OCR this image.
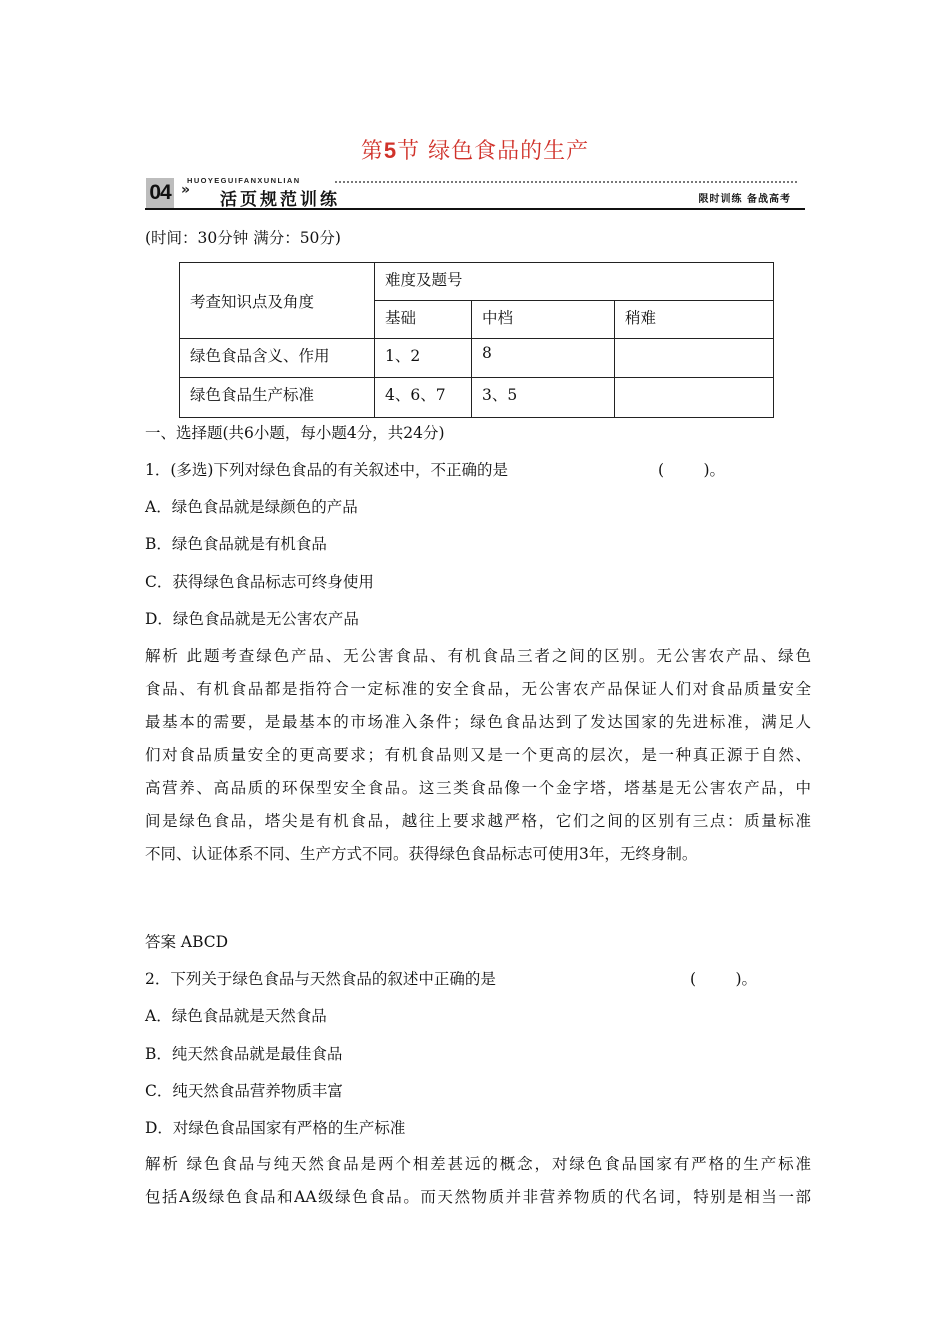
第5节 绿色食品的生产
04
HUOYEGUIFANXUNLIAN
» 活页规范训练	限时训练 备战高考
(时间：30分钟 满分：50分)
考查知识点及角度	难度及题号		
	基础	中档	稍难
绿色食品含义、作用	1、2	8	
绿色食品生产标准	4、6、7	3、5	
一、选择题(共6小题，每小题4分，共24分)
1．(多选)下列对绿色食品的有关叙述中，不正确的是	(        )。
A．绿色食品就是绿颜色的产品
B．绿色食品就是有机食品
C．获得绿色食品标志可终身使用
D．绿色食品就是无公害农产品
解析 此题考查绿色产品、无公害食品、有机食品三者之间的区别。无公害农产品、绿色
食品、有机食品都是指符合一定标准的安全食品，无公害农产品保证人们对食品质量安全
最基本的需要，是最基本的市场准入条件；绿色食品达到了发达国家的先进标准，满足人
们对食品质量安全的更高要求；有机食品则又是一个更高的层次，是一种真正源于自然、
高营养、高品质的环保型安全食品。这三类食品像一个金字塔，塔基是无公害农产品，中
间是绿色食品，塔尖是有机食品，越往上要求越严格，它们之间的区别有三点：质量标准
不同、认证体系不同、生产方式不同。获得绿色食品标志可使用3年，无终身制。
答案 ABCD
2．下列关于绿色食品与天然食品的叙述中正确的是	(        )。
A．绿色食品就是天然食品
B．纯天然食品就是最佳食品
C．纯天然食品营养物质丰富
D．对绿色食品国家有严格的生产标准
解析 绿色食品与纯天然食品是两个相差甚远的概念，对绿色食品国家有严格的生产标准
包括A级绿色食品和AA级绿色食品。而天然物质并非营养物质的代名词，特别是相当一部
